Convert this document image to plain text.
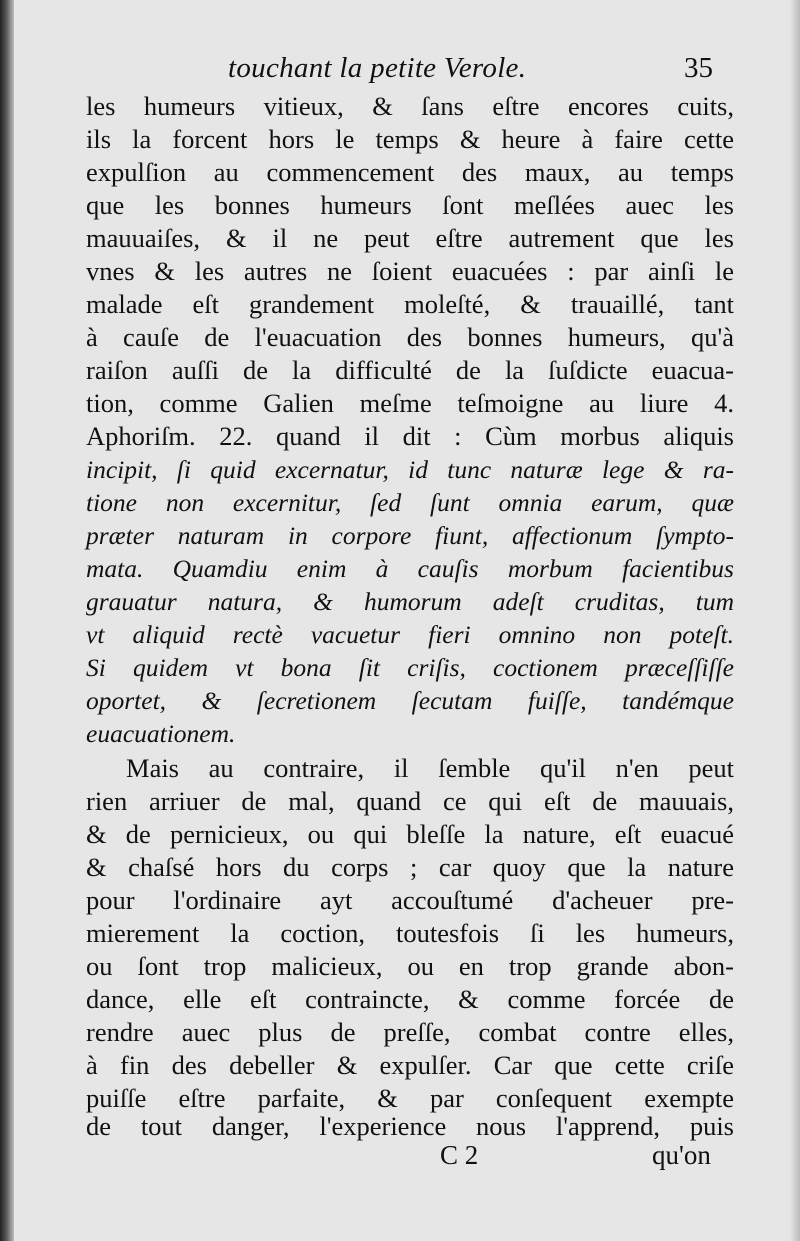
touchant la petite Verole.	35
les humeurs vitieux, & ſans eſtre encores cuits,
ils la forcent hors le temps & heure à faire cette
expulſion au commencement des maux, au temps
que les bonnes humeurs ſont meſlées auec les
mauuaiſes, & il ne peut eſtre autrement que les
vnes & les autres ne ſoient euacuées : par ainſi le
malade eſt grandement moleſté, & trauaillé, tant
à cauſe de l'euacuation des bonnes humeurs, qu'à
raiſon auſſi de la difficulté de la ſuſdicte euacua-
tion, comme Galien meſme teſmoigne au liure 4.
Aphoriſm. 22. quand il dit : Cùm morbus aliquis
incipit, ſi quid excernatur, id tunc naturæ lege & ra-
tione non excernitur, ſed ſunt omnia earum, quæ
præter naturam in corpore fiunt, affectionum ſympto-
mata. Quamdiu enim à cauſis morbum facientibus
grauatur natura, & humorum adeſt cruditas, tum
vt aliquid rectè vacuetur fieri omnino non poteſt.
Si quidem vt bona ſit criſis, coctionem præceſſiſſe
oportet, & ſecretionem ſecutam fuiſſe, tandémque
euacuationem.
Mais au contraire, il ſemble qu'il n'en peut
rien arriuer de mal, quand ce qui eſt de mauuais,
& de pernicieux, ou qui bleſſe la nature, eſt euacué
& chaſsé hors du corps ; car quoy que la nature
pour l'ordinaire ayt accouſtumé d'acheuer pre-
mierement la coction, toutesfois ſi les humeurs,
ou ſont trop malicieux, ou en trop grande abon-
dance, elle eſt contraincte, & comme forcée de
rendre auec plus de preſſe, combat contre elles,
à fin des debeller & expulſer. Car que cette criſe
puiſſe eſtre parfaite, & par conſequent exempte
de tout danger, l'experience nous l'apprend, puis
C 2	qu'on
